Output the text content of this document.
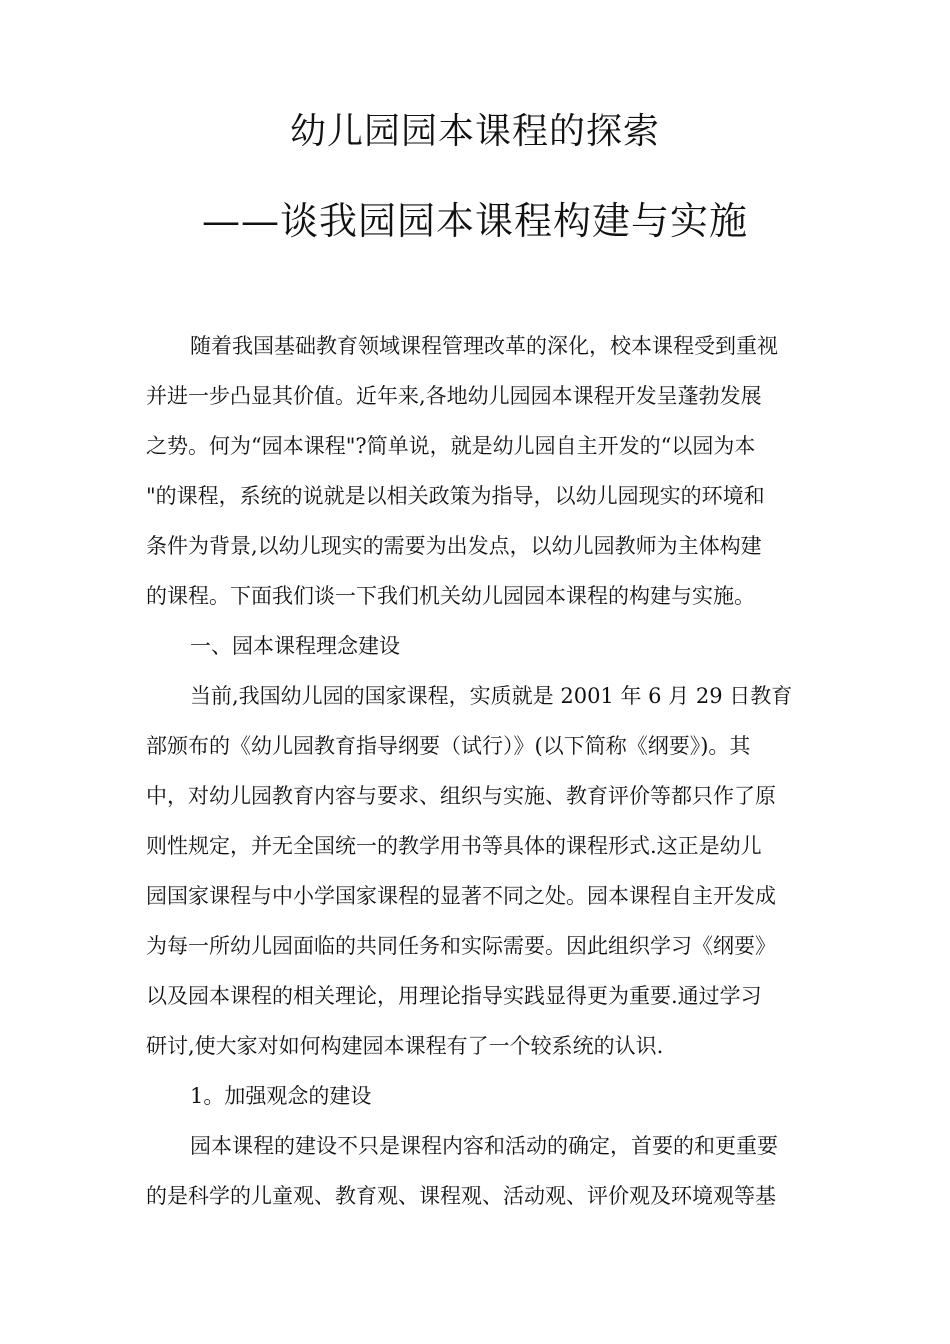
幼儿园园本课程的探索
——谈我园园本课程构建与实施
随着我国基础教育领域课程管理改革的深化，校本课程受到重视
并进一步凸显其价值。近年来,各地幼儿园园本课程开发呈蓬勃发展
之势。何为“园本课程"?简单说，就是幼儿园自主开发的“以园为本
"的课程，系统的说就是以相关政策为指导，以幼儿园现实的环境和
条件为背景,以幼儿现实的需要为出发点，以幼儿园教师为主体构建
的课程。下面我们谈一下我们机关幼儿园园本课程的构建与实施。
一、园本课程理念建设
当前,我国幼儿园的国家课程，实质就是 2001 年 6 月 29 日教育
部颁布的《幼儿园教育指导纲要（试行）》(以下简称《纲要》)。其
中，对幼儿园教育内容与要求、组织与实施、教育评价等都只作了原
则性规定，并无全国统一的教学用书等具体的课程形式.这正是幼儿
园国家课程与中小学国家课程的显著不同之处。园本课程自主开发成
为每一所幼儿园面临的共同任务和实际需要。因此组织学习《纲要》
以及园本课程的相关理论，用理论指导实践显得更为重要.通过学习
研讨,使大家对如何构建园本课程有了一个较系统的认识.
1。加强观念的建设
园本课程的建设不只是课程内容和活动的确定，首要的和更重要
的是科学的儿童观、教育观、课程观、活动观、评价观及环境观等基
